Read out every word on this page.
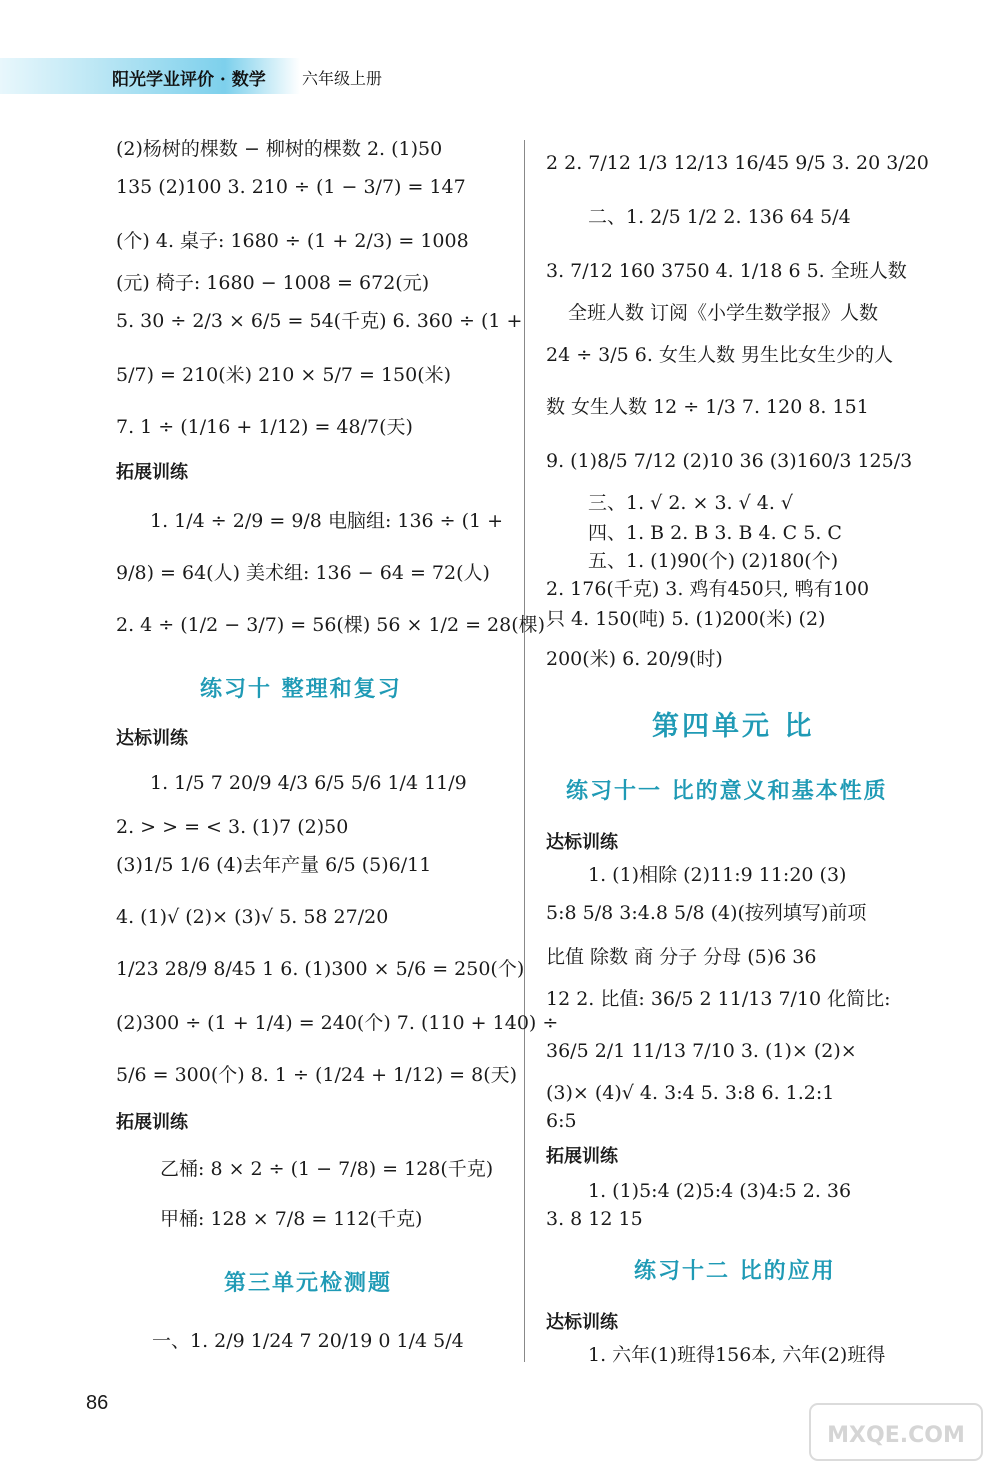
阳光学业评价 · 数学 六年级上册
(2)杨树的棵数 − 柳树的棵数 2. (1)50
135 (2)100 3. 210 ÷ (1 − 3/7) = 147
(个) 4. 桌子: 1680 ÷ (1 + 2/3) = 1008
(元) 椅子: 1680 − 1008 = 672(元)
5. 30 ÷ 2/3 × 6/5 = 54(千克) 6. 360 ÷ (1 +
5/7) = 210(米) 210 × 5/7 = 150(米)
7. 1 ÷ (1/16 + 1/12) = 48/7(天)
拓展训练
1. 1/4 ÷ 2/9 = 9/8 电脑组: 136 ÷ (1 +
9/8) = 64(人) 美术组: 136 − 64 = 72(人)
2. 4 ÷ (1/2 − 3/7) = 56(棵) 56 × 1/2 = 28(棵)
练习十 整理和复习
达标训练
1. 1/5 7 20/9 4/3 6/5 5/6 1/4 11/9
2. > > = < 3. (1)7 (2)50
(3)1/5 1/6 (4)去年产量 6/5 (5)6/11
4. (1)√ (2)× (3)√ 5. 58 27/20
1/23 28/9 8/45 1 6. (1)300 × 5/6 = 250(个)
(2)300 ÷ (1 + 1/4) = 240(个) 7. (110 + 140) ÷
5/6 = 300(个) 8. 1 ÷ (1/24 + 1/12) = 8(天)
拓展训练
乙桶: 8 × 2 ÷ (1 − 7/8) = 128(千克)
甲桶: 128 × 7/8 = 112(千克)
第三单元检测题
一、1. 2/9 1/24 7 20/19 0 1/4 5/4
2 2. 7/12 1/3 12/13 16/45 9/5 3. 20 3/20
二、1. 2/5 1/2 2. 136 64 5/4
3. 7/12 160 3750 4. 1/18 6 5. 全班人数
全班人数 订阅《小学生数学报》人数
24 ÷ 3/5 6. 女生人数 男生比女生少的人
数 女生人数 12 ÷ 1/3 7. 120 8. 151
9. (1)8/5 7/12 (2)10 36 (3)160/3 125/3
三、1. √ 2. × 3. √ 4. √
四、1. B 2. B 3. B 4. C 5. C
五、1. (1)90(个) (2)180(个)
2. 176(千克) 3. 鸡有450只, 鸭有100
只 4. 150(吨) 5. (1)200(米) (2)
200(米) 6. 20/9(时)
第四单元 比
练习十一 比的意义和基本性质
达标训练
1. (1)相除 (2)11:9 11:20 (3)
5:8 5/8 3:4.8 5/8 (4)(按列填写)前项
比值 除数 商 分子 分母 (5)6 36
12 2. 比值: 36/5 2 11/13 7/10 化简比:
36/5 2/1 11/13 7/10 3. (1)× (2)×
(3)× (4)√ 4. 3:4 5. 3:8 6. 1.2:1
6:5
拓展训练
1. (1)5:4 (2)5:4 (3)4:5 2. 36
3. 8 12 15
练习十二 比的应用
达标训练
1. 六年(1)班得156本, 六年(2)班得
86
MXQE.COM
